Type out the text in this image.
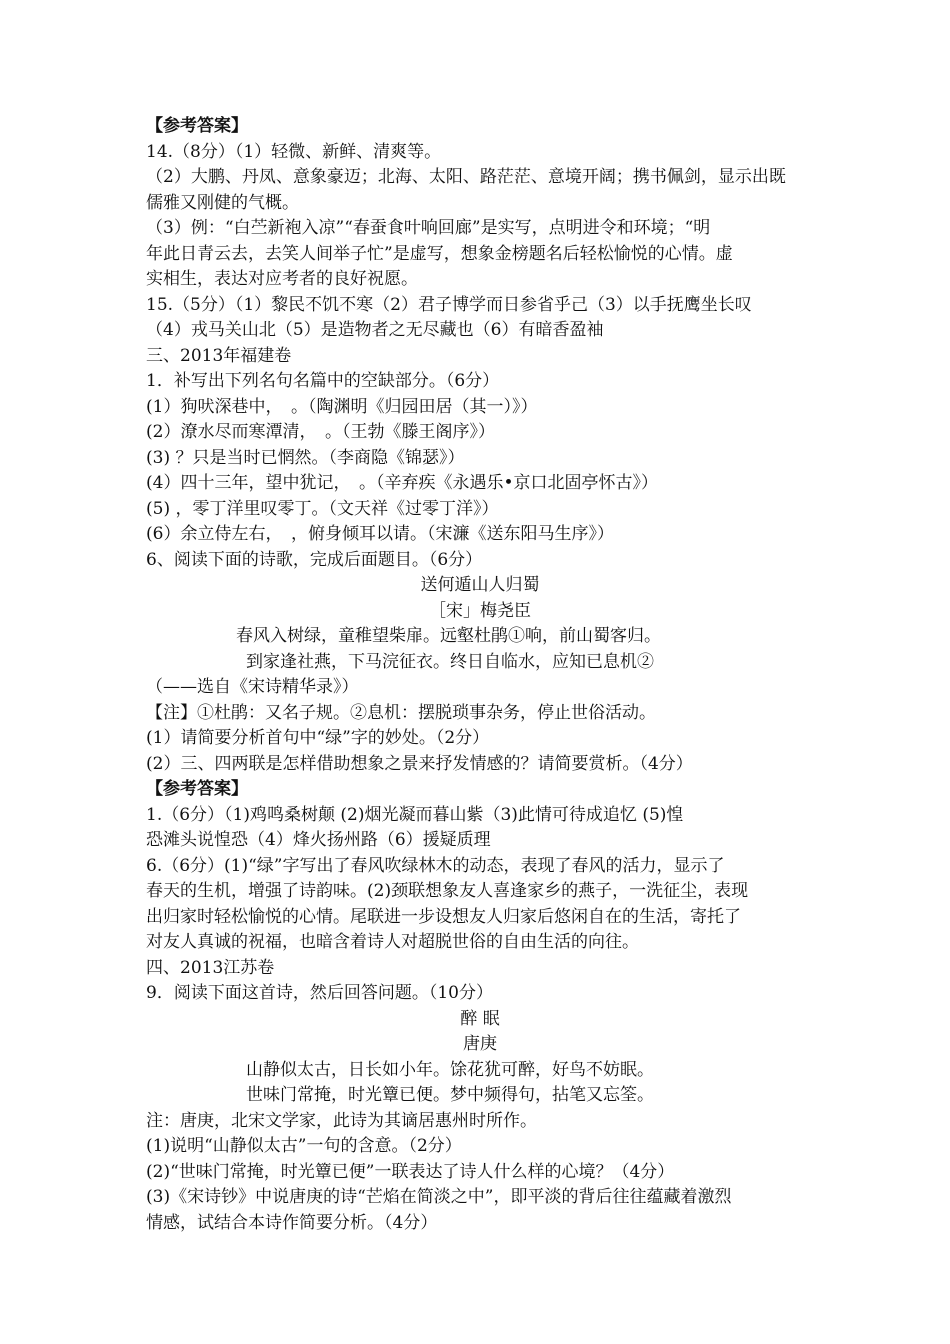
【参考答案】
14.（8分）（1）轻微、新鲜、清爽等。
（2）大鹏、丹凤、意象豪迈；北海、太阳、路茫茫、意境开阔；携书佩剑，显示出既
儒雅又刚健的气概。
（3）例：“白苎新袍入凉”“春蚕食叶响回廊”是实写，点明进令和环境；“明
年此日青云去，去笑人间举子忙”是虚写，想象金榜题名后轻松愉悦的心情。虚
实相生，表达对应考者的良好祝愿。
15.（5分）（1）黎民不饥不寒（2）君子博学而日参省乎己（3）以手抚鹰坐长叹
（4）戎马关山北（5）是造物者之无尽藏也（6）有暗香盈袖
三、2013年福建卷
1．补写出下列名句名篇中的空缺部分。（6分）
(1）狗吠深巷中，　。（陶渊明《归园田居（其一）》）
(2）潦水尽而寒潭清，　。（王勃《滕王阁序》）
(3) ？只是当时已惘然。（李商隐《锦瑟》）
(4）四十三年，望中犹记，　。（辛弃疾《永遇乐•京口北固亭怀古》）
(5) ，零丁洋里叹零丁。（文天祥《过零丁洋》）
(6）余立侍左右，　，俯身倾耳以请。（宋濂《送东阳马生序》）
6、阅读下面的诗歌，完成后面题目。（6分）
送何遁山人归蜀
［宋」梅尧臣
春风入树绿，童稚望柴扉。远壑杜鹃①响，前山蜀客归。
到家逢社燕，下马浣征衣。终日自临水，应知已息机②
（——选自《宋诗精华录》）
【注】①杜鹃：又名子规。②息机：摆脱琐事杂务，停止世俗活动。
(1）请简要分析首句中“绿”字的妙处。（2分）
(2）三、四两联是怎样借助想象之景来抒发情感的？请简要赏析。（4分）
【参考答案】
1.（6分）（1)鸡鸣桑树颠 (2)烟光凝而暮山紫（3)此情可待成追忆 (5)惶
恐滩头说惶恐（4）烽火扬州路（6）援疑质理
6.（6分）(1)“绿”字写出了春风吹绿林木的动态，表现了春风的活力，显示了
春天的生机，增强了诗韵味。(2)颈联想象友人喜逢家乡的燕子，一洗征尘，表现
出归家时轻松愉悦的心情。尾联进一步设想友人归家后悠闲自在的生活，寄托了
对友人真诚的祝福，也暗含着诗人对超脱世俗的自由生活的向往。
四、2013江苏卷
9．阅读下面这首诗，然后回答问题。（10分）
醉 眠
唐庚
山静似太古，日长如小年。馀花犹可醉，好鸟不妨眠。
世味门常掩，时光簟已便。梦中频得句，拈笔又忘筌。
注：唐庚，北宋文学家，此诗为其谪居惠州时所作。
(1)说明“山静似太古”一句的含意。（2分）
(2)“世味门常掩，时光簟已便”一联表达了诗人什么样的心境？（4分）
(3)《宋诗钞》中说唐庚的诗“芒焰在简淡之中”，即平淡的背后往往蕴藏着激烈
情感，试结合本诗作简要分析。（4分）
